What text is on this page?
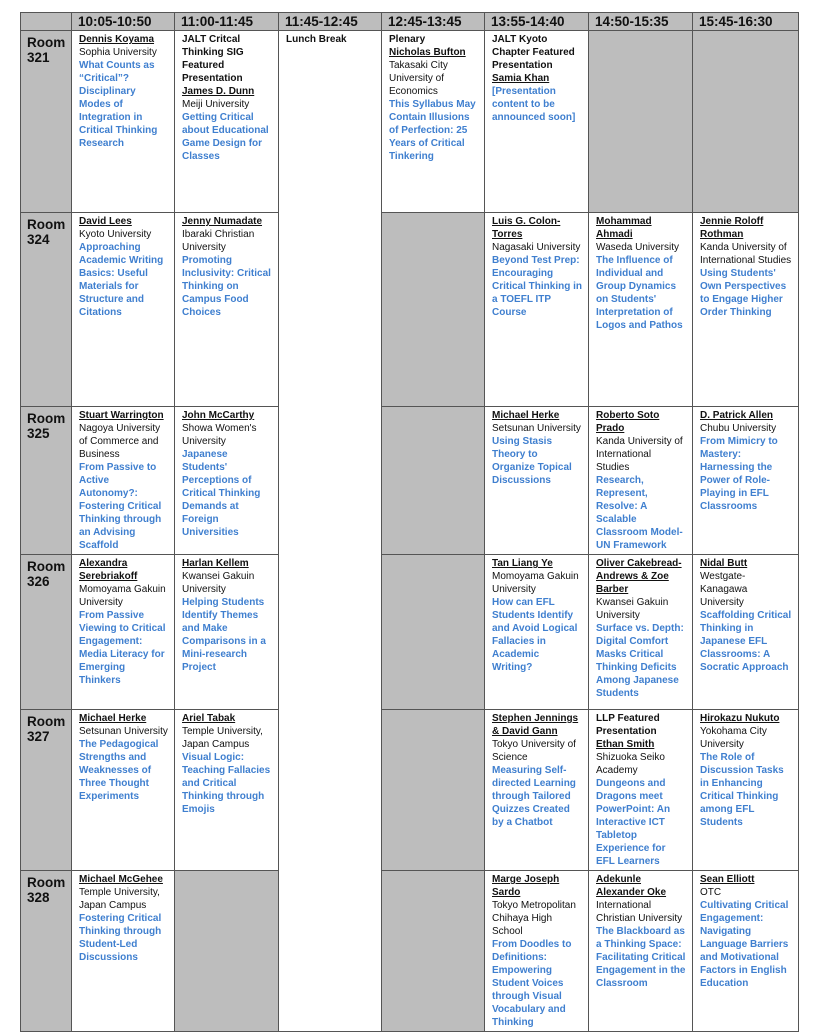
	10:05-10:50	11:00-11:45	11:45-12:45	12:45-13:45	13:55-14:40	14:50-15:35	15:45-16:30
Room 321	Dennis Koyama
Sophia University
What Counts as “Critical”? Disciplinary Modes of Integration in Critical Thinking Research	JALT Critcal Thinking SIG Featured Presentation
James D. Dunn
Meiji University
Getting Critical about Educational Game Design for Classes	Lunch Break	Plenary
Nicholas Bufton
Takasaki City University of Economics
This Syllabus May Contain Illusions of Perfection: 25 Years of Critical Tinkering	JALT Kyoto Chapter Featured Presentation
Samia Khan
[Presentation content to be announced soon]		

Room 324	David Lees
Kyoto University
Approaching Academic Writing Basics: Useful Materials for Structure and Citations	Jenny Numadate
Ibaraki Christian University
Promoting Inclusivity: Critical Thinking on Campus Food Choices			Luis G. Colon-Torres
Nagasaki University
Beyond Test Prep: Encouraging Critical Thinking in a TOEFL ITP Course	Mohammad Ahmadi
Waseda University
The Influence of Individual and Group Dynamics on Students' Interpretation of Logos and Pathos	Jennie Roloff Rothman
Kanda University of International Studies
Using Students' Own Perspectives to Engage Higher Order Thinking

Room 325	Stuart Warrington
Nagoya University of Commerce and Business
From Passive to Active Autonomy?: Fostering Critical Thinking through an Advising Scaffold	John McCarthy
Showa Women's University
Japanese Students' Perceptions of Critical Thinking Demands at Foreign Universities			Michael Herke
Setsunan University
Using Stasis Theory to Organize Topical Discussions	Roberto Soto Prado
Kanda University of International Studies
Research, Represent, Resolve: A Scalable Classroom Model-UN Framework	D. Patrick Allen
Chubu University
From Mimicry to Mastery: Harnessing the Power of Role-Playing in EFL Classrooms

Room 326	Alexandra Serebriakoff
Momoyama Gakuin University
From Passive Viewing to Critical Engagement: Media Literacy for Emerging Thinkers	Harlan Kellem
Kwansei Gakuin University
Helping Students Identify Themes and Make Comparisons in a Mini-research Project			Tan Liang Ye
Momoyama Gakuin University
How can EFL Students Identify and Avoid Logical Fallacies in Academic Writing?	Oliver Cakebread-Andrews & Zoe Barber
Kwansei Gakuin University
Surface vs. Depth: Digital Comfort Masks Critical Thinking Deficits Among Japanese Students	Nidal Butt
Westgate-Kanagawa University
Scaffolding Critical Thinking in Japanese EFL Classrooms: A Socratic Approach

Room 327	Michael Herke
Setsunan University
The Pedagogical Strengths and Weaknesses of Three Thought Experiments	Ariel Tabak
Temple University, Japan Campus
Visual Logic: Teaching Fallacies and Critical Thinking through Emojis			Stephen Jennings & David Gann
Tokyo University of Science
Measuring Self-directed Learning through Tailored Quizzes Created by a Chatbot	LLP Featured Presentation
Ethan Smith
Shizuoka Seiko Academy
Dungeons and Dragons meet PowerPoint: An Interactive ICT Tabletop Experience for EFL Learners	Hirokazu Nukuto
Yokohama City University
The Role of Discussion Tasks in Enhancing Critical Thinking among EFL Students

Room 328	Michael McGehee
Temple University, Japan Campus
Fostering Critical Thinking through Student-Led Discussions				Marge Joseph Sardo
Tokyo Metropolitan Chihaya High School
From Doodles to Definitions: Empowering Student Voices through Visual Vocabulary and Thinking	Adekunle Alexander Oke
International Christian University
The Blackboard as a Thinking Space: Facilitating Critical Engagement in the Classroom	Sean Elliott
OTC
Cultivating Critical Engagement: Navigating Language Barriers and Motivational Factors in English Education
